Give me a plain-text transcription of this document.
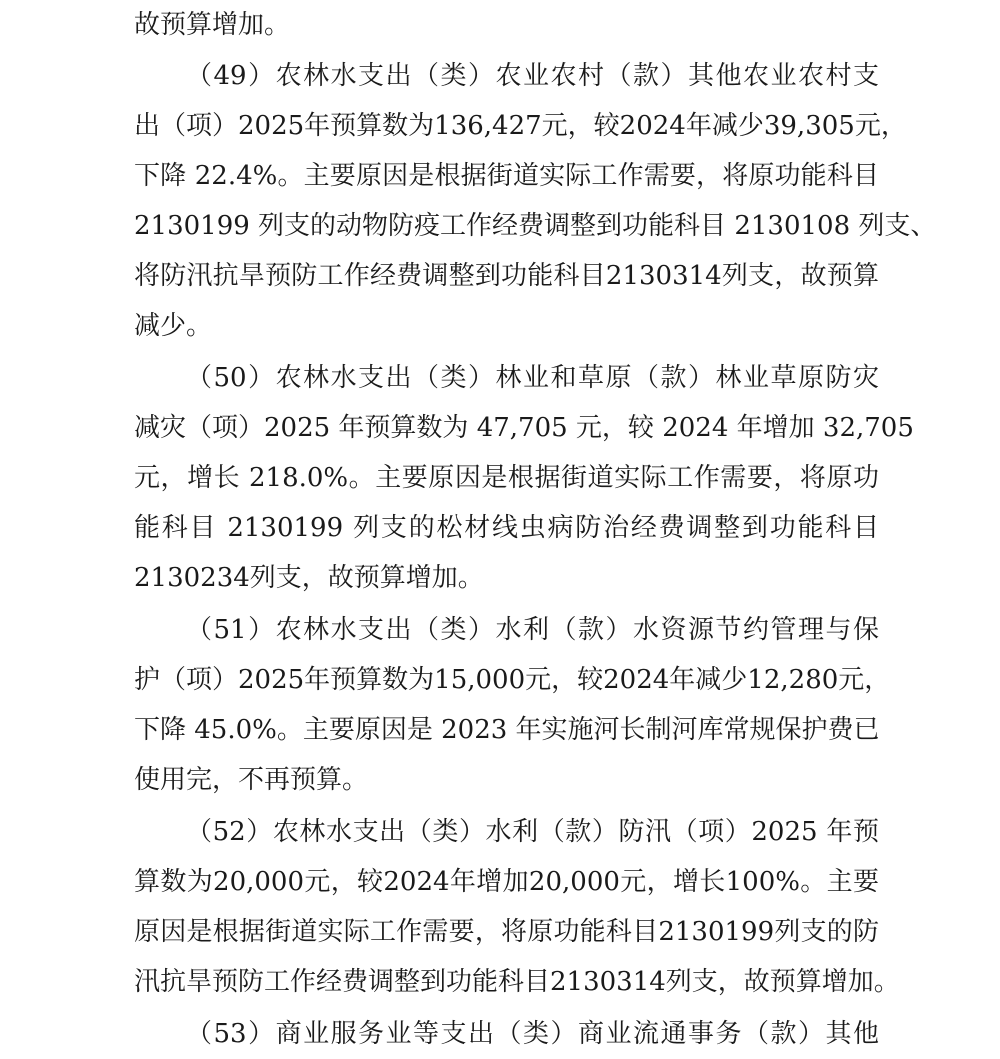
故预算增加。
（49）农林水支出（类）农业农村（款）其他农业农村支
出（项）2025年预算数为136,427元，较2024年减少39,305元，
下降 22.4%。主要原因是根据街道实际工作需要，将原功能科目
2130199 列支的动物防疫工作经费调整到功能科目 2130108 列支、
将防汛抗旱预防工作经费调整到功能科目2130314列支，故预算
减少。
（50）农林水支出（类）林业和草原（款）林业草原防灾
减灾（项）2025 年预算数为 47,705 元，较 2024 年增加 32,705
元，增长 218.0%。主要原因是根据街道实际工作需要，将原功
能科目 2130199 列支的松材线虫病防治经费调整到功能科目
2130234列支，故预算增加。
（51）农林水支出（类）水利（款）水资源节约管理与保
护（项）2025年预算数为15,000元，较2024年减少12,280元，
下降 45.0%。主要原因是 2023 年实施河长制河库常规保护费已
使用完，不再预算。
（52）农林水支出（类）水利（款）防汛（项）2025 年预
算数为20,000元，较2024年增加20,000元，增长100%。主要
原因是根据街道实际工作需要，将原功能科目2130199列支的防
汛抗旱预防工作经费调整到功能科目2130314列支，故预算增加。
（53）商业服务业等支出（类）商业流通事务（款）其他
